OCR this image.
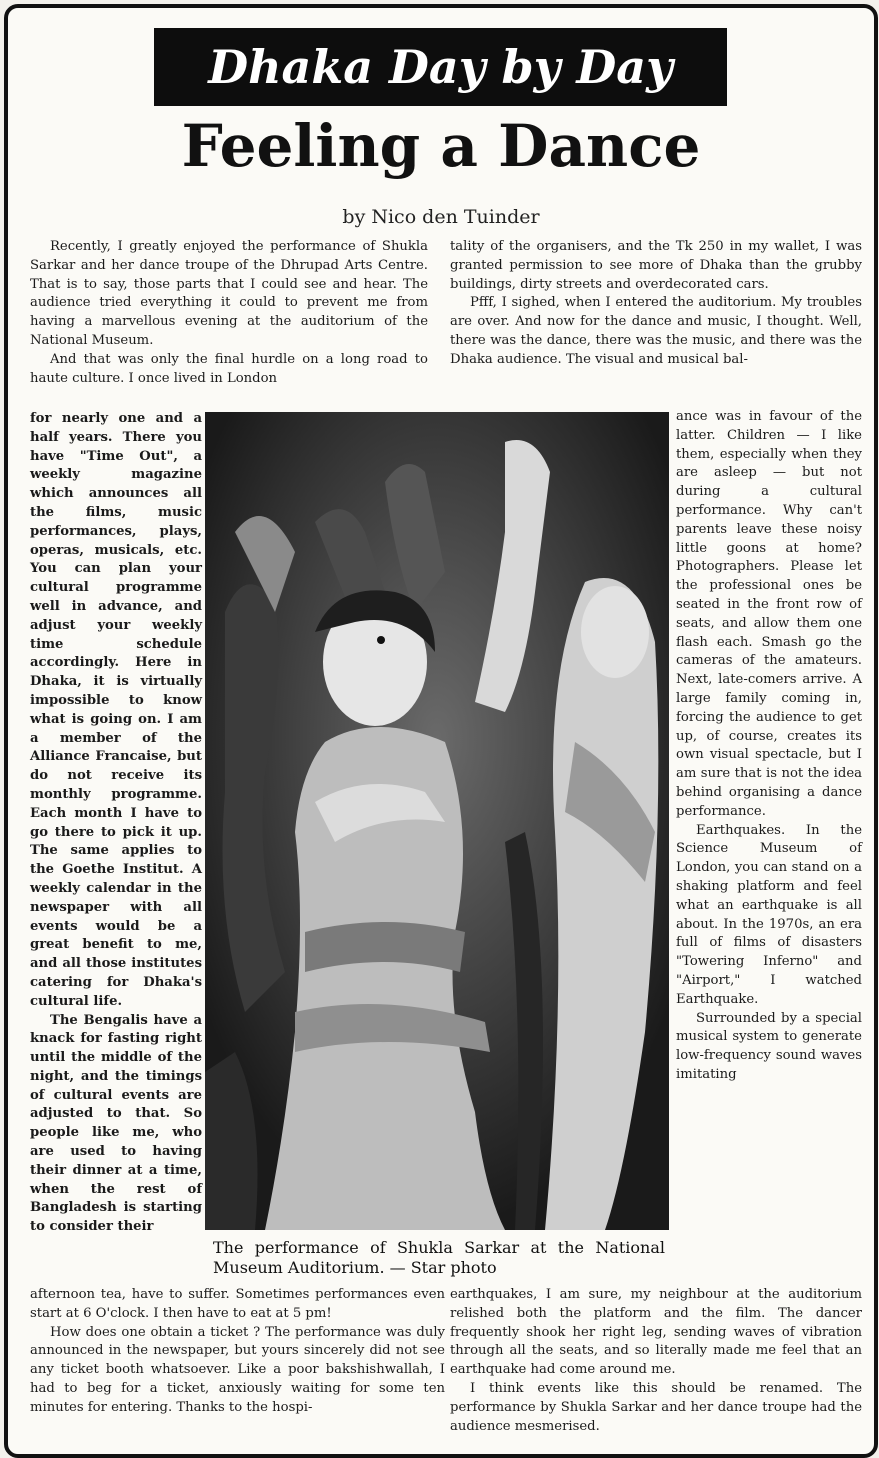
Dhaka Day by Day
Feeling a Dance
by Nico den Tuinder

Recently, I greatly enjoyed the performance of Shukla Sarkar and her dance troupe of the Dhrupad Arts Centre. That is to say, those parts that I could see and hear. The audience tried everything it could to prevent me from having a marvellous evening at the auditorium of the National Museum.

And that was only the final hurdle on a long road to haute culture. I once lived in London

for nearly one and a half years. There you have "Time Out", a weekly magazine which announces all the films, music performances, plays, operas, musicals, etc. You can plan your cultural programme well in advance, and adjust your weekly time schedule accordingly. Here in Dhaka, it is virtually impossible to know what is going on. I am a member of the Alliance Francaise, but do not receive its monthly programme. Each month I have to go there to pick it up. The same applies to the Goethe Institut. A weekly calendar in the newspaper with all events would be a great benefit to me, and all those institutes catering for Dhaka's cultural life.

The Bengalis have a knack for fasting right until the middle of the night, and the timings of cultural events are adjusted to that. So people like me, who are used to having their dinner at a time, when the rest of Bangladesh is starting to consider their

afternoon tea, have to suffer. Sometimes performances even start at 6 O'clock. I then have to eat at 5 pm!

How does one obtain a ticket ? The performance was duly announced in the newspaper, but yours sincerely did not see any ticket booth whatsoever. Like a poor bakshishwallah, I had to beg for a ticket, anxiously waiting for some ten minutes for entering. Thanks to the hospi-

tality of the organisers, and the Tk 250 in my wallet, I was granted permission to see more of Dhaka than the grubby buildings, dirty streets and overdecorated cars.

Pfff, I sighed, when I entered the auditorium. My troubles are over. And now for the dance and music, I thought. Well, there was the dance, there was the music, and there was the Dhaka audience. The visual and musical bal-

ance was in favour of the latter. Children — I like them, especially when they are asleep — but not during a cultural performance. Why can't parents leave these noisy little goons at home? Photographers. Please let the professional ones be seated in the front row of seats, and allow them one flash each. Smash go the cameras of the amateurs. Next, late-comers arrive. A large family coming in, forcing the audience to get up, of course, creates its own visual spectacle, but I am sure that is not the idea behind organising a dance performance.

Earthquakes. In the Science Museum of London, you can stand on a shaking platform and feel what an earthquake is all about. In the 1970s, an era full of films of disasters "Towering Inferno" and "Airport," I watched Earthquake.

Surrounded by a special musical system to generate low-frequency sound waves imitating

earthquakes, I am sure, my neighbour at the auditorium relished both the platform and the film. The dancer frequently shook her right leg, sending waves of vibration through all the seats, and so literally made me feel that an earthquake had come around me.

I think events like this should be renamed. The performance by Shukla Sarkar and her dance troupe had the audience mesmerised.

The performance of Shukla Sarkar at the National Museum Auditorium. — Star photo
